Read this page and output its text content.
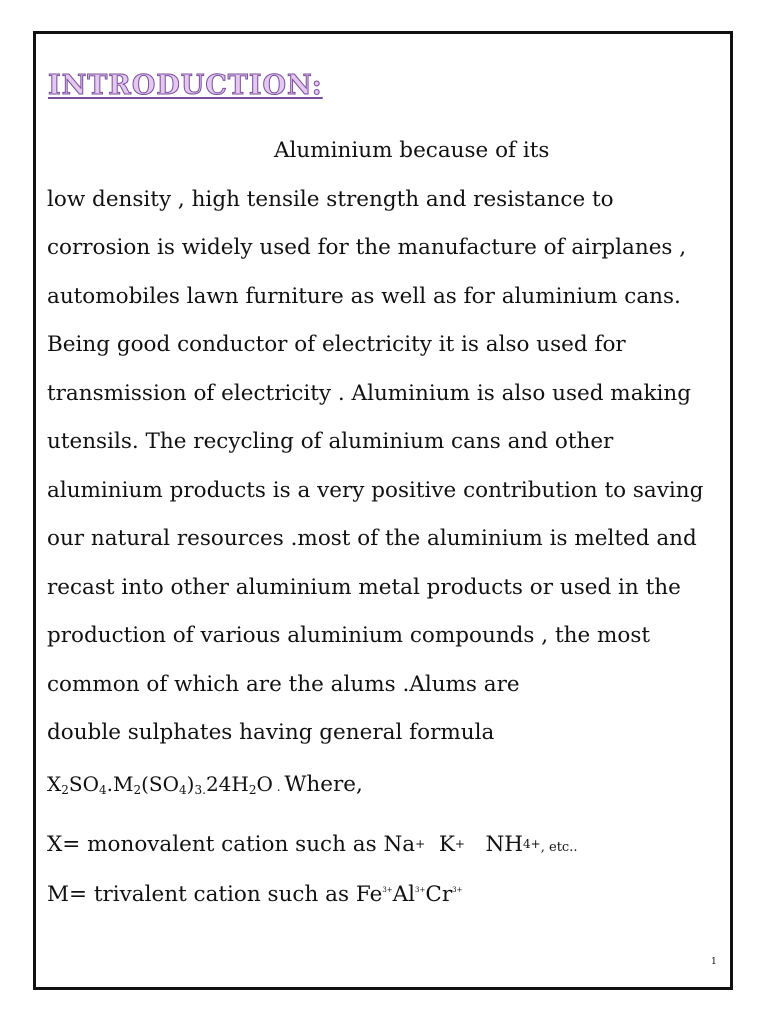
INTRODUCTION:
Aluminium because of its
low density , high tensile strength and resistance to
corrosion is widely used for the manufacture of airplanes ,
automobiles lawn furniture as well as for aluminium cans.
Being good conductor of electricity it is also used for
transmission of electricity . Aluminium is also used making
utensils. The recycling of aluminium cans and other
aluminium products is a very positive contribution to saving
our natural resources .most of the aluminium is melted and
recast into other aluminium metal products or used in the
production of various aluminium compounds , the most
common of which are the alums .Alums are
double sulphates having general formula
$X_2SO_4.M_2(SO_4)_{3.}24H_2O$ . Where,
X= monovalent cation such as Na+ K+ $NH^{4+}$, etc..
M= trivalent cation such as $Fe^{3+}Al^{3+}Cr^{3+}$
1
